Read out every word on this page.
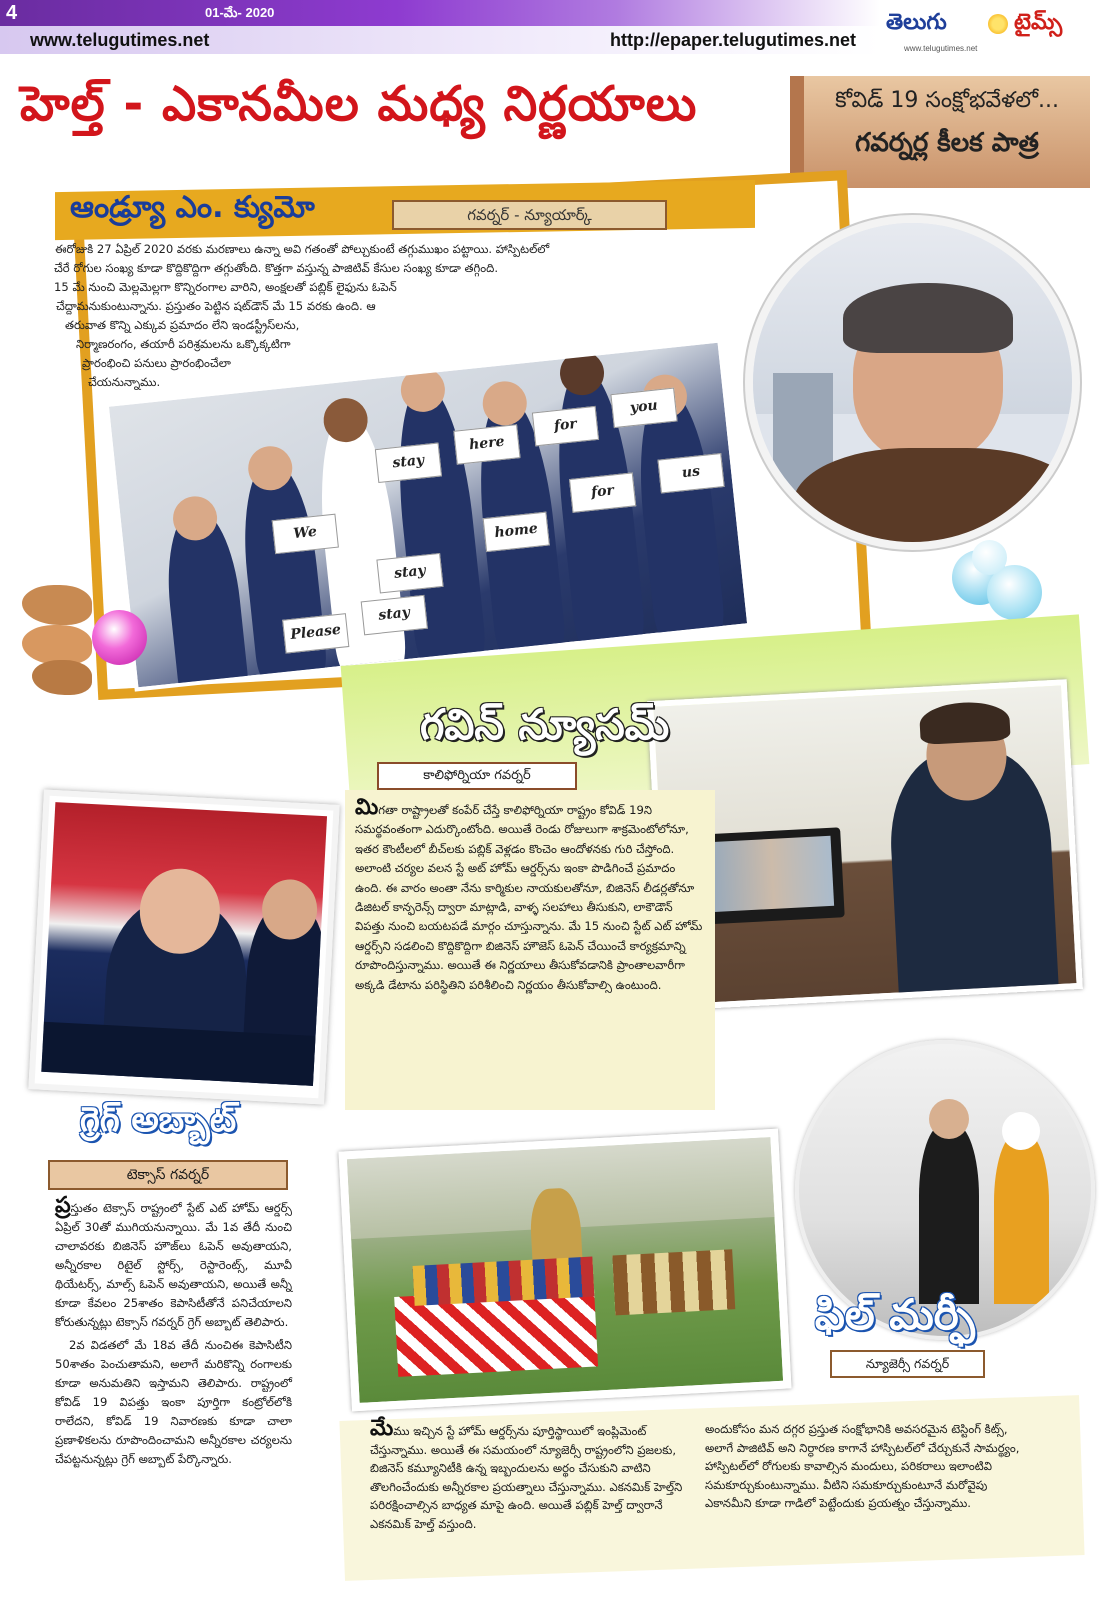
4	01-మే- 2020
www.telugutimes.net	http://epaper.telugutimes.net
తెలుగు	టైమ్స్
www.telugutimes.net
హెల్త్ - ఎకానమీల మధ్య నిర్ణయాలు	కోవిడ్ 19 సంక్షోభవేళలో...
గవర్నర్ల కీలక పాత్ర
ఆండ్ర్యూ ఎం. క్యుమో	గవర్నర్ - న్యూయార్క్

ఈరోజుకి 27 ఏప్రిల్ 2020 వరకు మరణాలు ఉన్నా అవి గతంతో పోల్చుకుంటే తగ్గుముఖం పట్టాయి. హాస్పిటల్‌లో

చేరే రోగుల సంఖ్య కూడా కొద్దికొద్దిగా తగ్గుతోంది. కొత్తగా వస్తున్న పాజిటివ్ కేసుల సంఖ్య కూడా తగ్గింది.

15 మే నుంచి మెల్లమెల్లగా కొన్నిరంగాల వారిని, అంక్షలతో పబ్లిక్ లైఫును ఓపెన్

చేద్దామనుకుంటున్నాను. ప్రస్తుతం పెట్టిన షట్‌డౌన్ మే 15 వరకు ఉంది. ఆ

తరువాత కొన్ని ఎక్కువ ప్రమాదం లేని ఇండస్ట్రీస్‌లను,

నిర్మాణరంగం, తయారీ పరిశ్రమలను ఒక్కొక్కటిగా

ప్రారంభించి పనులు ప్రారంభించేలా

చేయనున్నాము.

stay
here
for
you
We
stay
home
for
us
Please
stay
గవిన్ న్యూసమ్
కాలిఫోర్నియా గవర్నర్
మిగతా రాష్ట్రాలతో కంపేర్ చేస్తే కాలిఫోర్నియా రాష్ట్రం కోవిడ్ 19ని సమర్థవంతంగా ఎదుర్కొంటోంది. అయితే రెండు రోజులుగా శాక్రమెంటోలోనూ, ఇతర కౌంటీలలో బీచ్‌లకు పబ్లిక్ వెళ్లడం కొంచెం ఆందోళనకు గురి చేస్తోంది. అలాంటి చర్యల వలన స్టే అట్ హోమ్ ఆర్డర్స్‌ను ఇంకా పొడిగించే ప్రమాదం ఉంది. ఈ వారం అంతా నేను కార్మికుల నాయకులతోనూ, బిజినెస్ లీడర్లతోనూ డిజిటల్ కాన్ఫరెన్స్ ద్వారా మాట్లాడి, వాళ్ళ సలహాలు తీసుకుని, లాకౌడౌన్ విపత్తు నుంచి బయటపడే మార్గం చూస్తున్నాను. మే 15 నుంచి స్టేట్ ఎట్ హోమ్ ఆర్డర్స్‌ని సడలించి కొద్దికొద్దిగా బిజినెస్ హౌజెస్ ఓపెన్ చేయించే కార్యక్రమాన్ని రూపొందిస్తున్నాము. అయితే ఈ నిర్ణయాలు తీసుకోవడానికి ప్రాంతాలవారీగా అక్కడి డేటాను పరిస్థితిని పరిశీలించి నిర్ణయం తీసుకోవాల్సి ఉంటుంది.
గ్రెగ్ అబ్బాట్
టెక్సాస్ గవర్నర్

ప్రస్తుతం టెక్సాస్ రాష్ట్రంలో స్టేట్ ఎట్ హోమ్ ఆర్డర్స్ ఏప్రిల్ 30తో ముగియనున్నాయి. మే 1వ తేదీ నుంచి చాలావరకు బిజినెస్ హౌజ్‌లు ఓపెన్ అవుతాయని, అన్నీరకాల రిటైల్ స్టోర్స్, రెస్టారెంట్స్, మూవీ థియేటర్స్, మాల్స్ ఓపెన్ అవుతాయని, అయితే అన్నీ కూడా కేవలం 25శాతం కెపాసిటీతోనే పనిచేయాలని కోరుతున్నట్లు టెక్సాస్ గవర్నర్ గ్రెగ్ అబ్బాట్ తెలిపారు.

2వ విడతలో మే 18వ తేదీ నుంచిఈ కెపాసిటీని 50శాతం పెంచుతామని, అలాగే మరికొన్ని రంగాలకు కూడా అనుమతిని ఇస్తామని తెలిపారు. రాష్ట్రంలో కోవిడ్ 19 విపత్తు ఇంకా పూర్తిగా కంట్రోల్‌లోకి రాలేదని, కోవిడ్ 19 నివారణకు కూడా చాలా ప్రణాళికలను రూపొందించామని అన్నీరకాల చర్యలను చేపట్టనున్నట్లు గ్రెగ్ అబ్బాట్ పేర్కొన్నారు.

ఫిల్ మర్ఫీ
న్యూజెర్సీ గవర్నర్
మేము ఇచ్చిన స్టే హోమ్ ఆర్డర్స్‌ను పూర్తిస్థాయిలో ఇంప్లిమెంట్ చేస్తున్నాము. అయితే ఈ సమయంలో న్యూజెర్సీ రాష్ట్రంలోని ప్రజలకు, బిజినెస్ కమ్యూనిటీకి ఉన్న ఇబ్బందులను అర్థం చేసుకుని వాటిని తొలగించేందుకు అన్నీరకాల ప్రయత్నాలు చేస్తున్నాము. ఎకనమిక్ హెల్త్‌ని పరిరక్షించాల్సిన బాధ్యత మాపై ఉంది. అయితే పబ్లిక్ హెల్త్ ద్వారానే ఎకనమిక్ హెల్త్ వస్తుంది.
అందుకోసం మన దగ్గర ప్రస్తుత సంక్షోభానికి అవసరమైన టెస్టింగ్ కిట్స్, అలాగే పాజిటివ్ అని నిర్ధారణ కాగానే హాస్పిటల్‌లో చేర్చుకునే సామర్థ్యం, హాస్పిటల్‌లో రోగులకు కావాల్సిన మందులు, పరికరాలు ఇలాంటివి సమకూర్చుకుంటున్నాము. వీటిని సమకూర్చుకుంటూనే మరోవైపు ఎకానమీని కూడా గాడిలో పెట్టేందుకు ప్రయత్నం చేస్తున్నాము.
